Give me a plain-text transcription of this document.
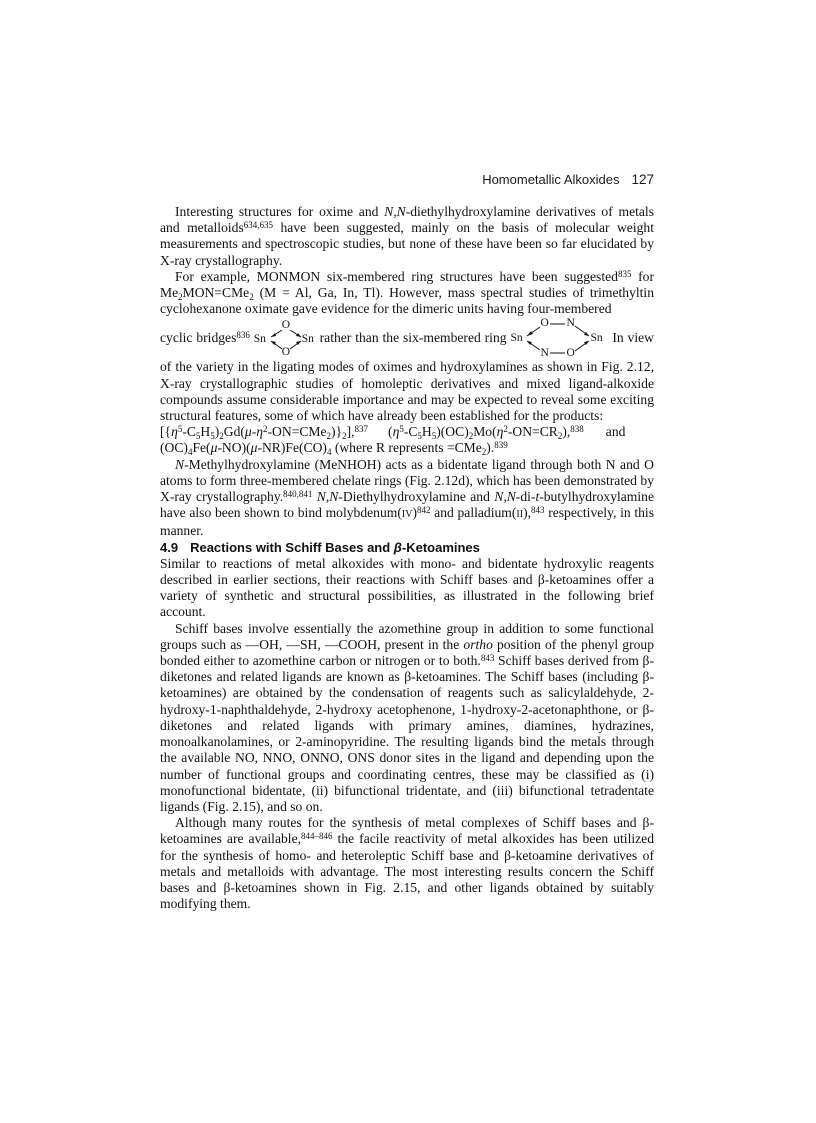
Homometallic Alkoxides 127

Interesting structures for oxime and N,N-diethylhydroxylamine derivatives of metals and metalloids$^{634,635}$ have been suggested, mainly on the basis of molecular weight measurements and spectroscopic studies, but none of these have been so far elucidated by X-ray crystallography.

For example, MONMON six-membered ring structures have been suggested$^{835}$ for $Me_2MON=CMe_2$ (M = Al, Ga, In, Tl). However, mass spectral studies of trimethyltin cyclohexanone oximate gave evidence for the dimeric units having four-membered

cyclic bridges$^{836}$ Sn	Sn
O
O
rather than the six-membered ring Sn	Sn
O N
N O
In view of the variety in the ligating modes of oximes and hydroxylamines as shown in Fig. 2.12, X-ray crystallographic studies of homoleptic derivatives and mixed ligand-alkoxide compounds assume considerable importance and may be expected to reveal some exciting structural features, some of which have already been established for the products:

$[\{\eta^5-C_5H_5)_2Gd(\mu-\eta^2-ON=CMe_2)\}_2],^{837}$ $(\eta^5-C_5H_5)(OC)_2Mo(\eta^2-ON=CR_2),^{838}$ and
$(OC)_4Fe(\mu-NO)(\mu-NR)Fe(CO)_4$ (where R represents =CMe$_2$).$^{839}$

N-Methylhydroxylamine (MeNHOH) acts as a bidentate ligand through both N and O atoms to form three-membered chelate rings (Fig. 2.12d), which has been demonstrated by X-ray crystallography.$^{840,841}$ N,N-Diethylhydroxylamine and N,N-di-t-butylhydroxylamine have also been shown to bind molybdenum(IV)$^{842}$ and palladium(II),$^{843}$ respectively, in this manner.

4.9 Reactions with Schiff Bases and β-Ketoamines

Similar to reactions of metal alkoxides with mono- and bidentate hydroxylic reagents described in earlier sections, their reactions with Schiff bases and β-ketoamines offer a variety of synthetic and structural possibilities, as illustrated in the following brief account.

Schiff bases involve essentially the azomethine group in addition to some functional groups such as —OH, —SH, —COOH, present in the ortho position of the phenyl group bonded either to azomethine carbon or nitrogen or to both.$^{843}$ Schiff bases derived from β-diketones and related ligands are known as β-ketoamines. The Schiff bases (including β-ketoamines) are obtained by the condensation of reagents such as salicylaldehyde, 2-hydroxy-1-naphthaldehyde, 2-hydroxy acetophenone, 1-hydroxy-2-acetonaphthone, or β-diketones and related ligands with primary amines, diamines, hydrazines, monoalkanolamines, or 2-aminopyridine. The resulting ligands bind the metals through the available NO, NNO, ONNO, ONS donor sites in the ligand and depending upon the number of functional groups and coordinating centres, these may be classified as (i) monofunctional bidentate, (ii) bifunctional tridentate, and (iii) bifunctional tetradentate ligands (Fig. 2.15), and so on.

Although many routes for the synthesis of metal complexes of Schiff bases and β-ketoamines are available,$^{844-846}$ the facile reactivity of metal alkoxides has been utilized for the synthesis of homo- and heteroleptic Schiff base and β-ketoamine derivatives of metals and metalloids with advantage. The most interesting results concern the Schiff bases and β-ketoamines shown in Fig. 2.15, and other ligands obtained by suitably modifying them.
